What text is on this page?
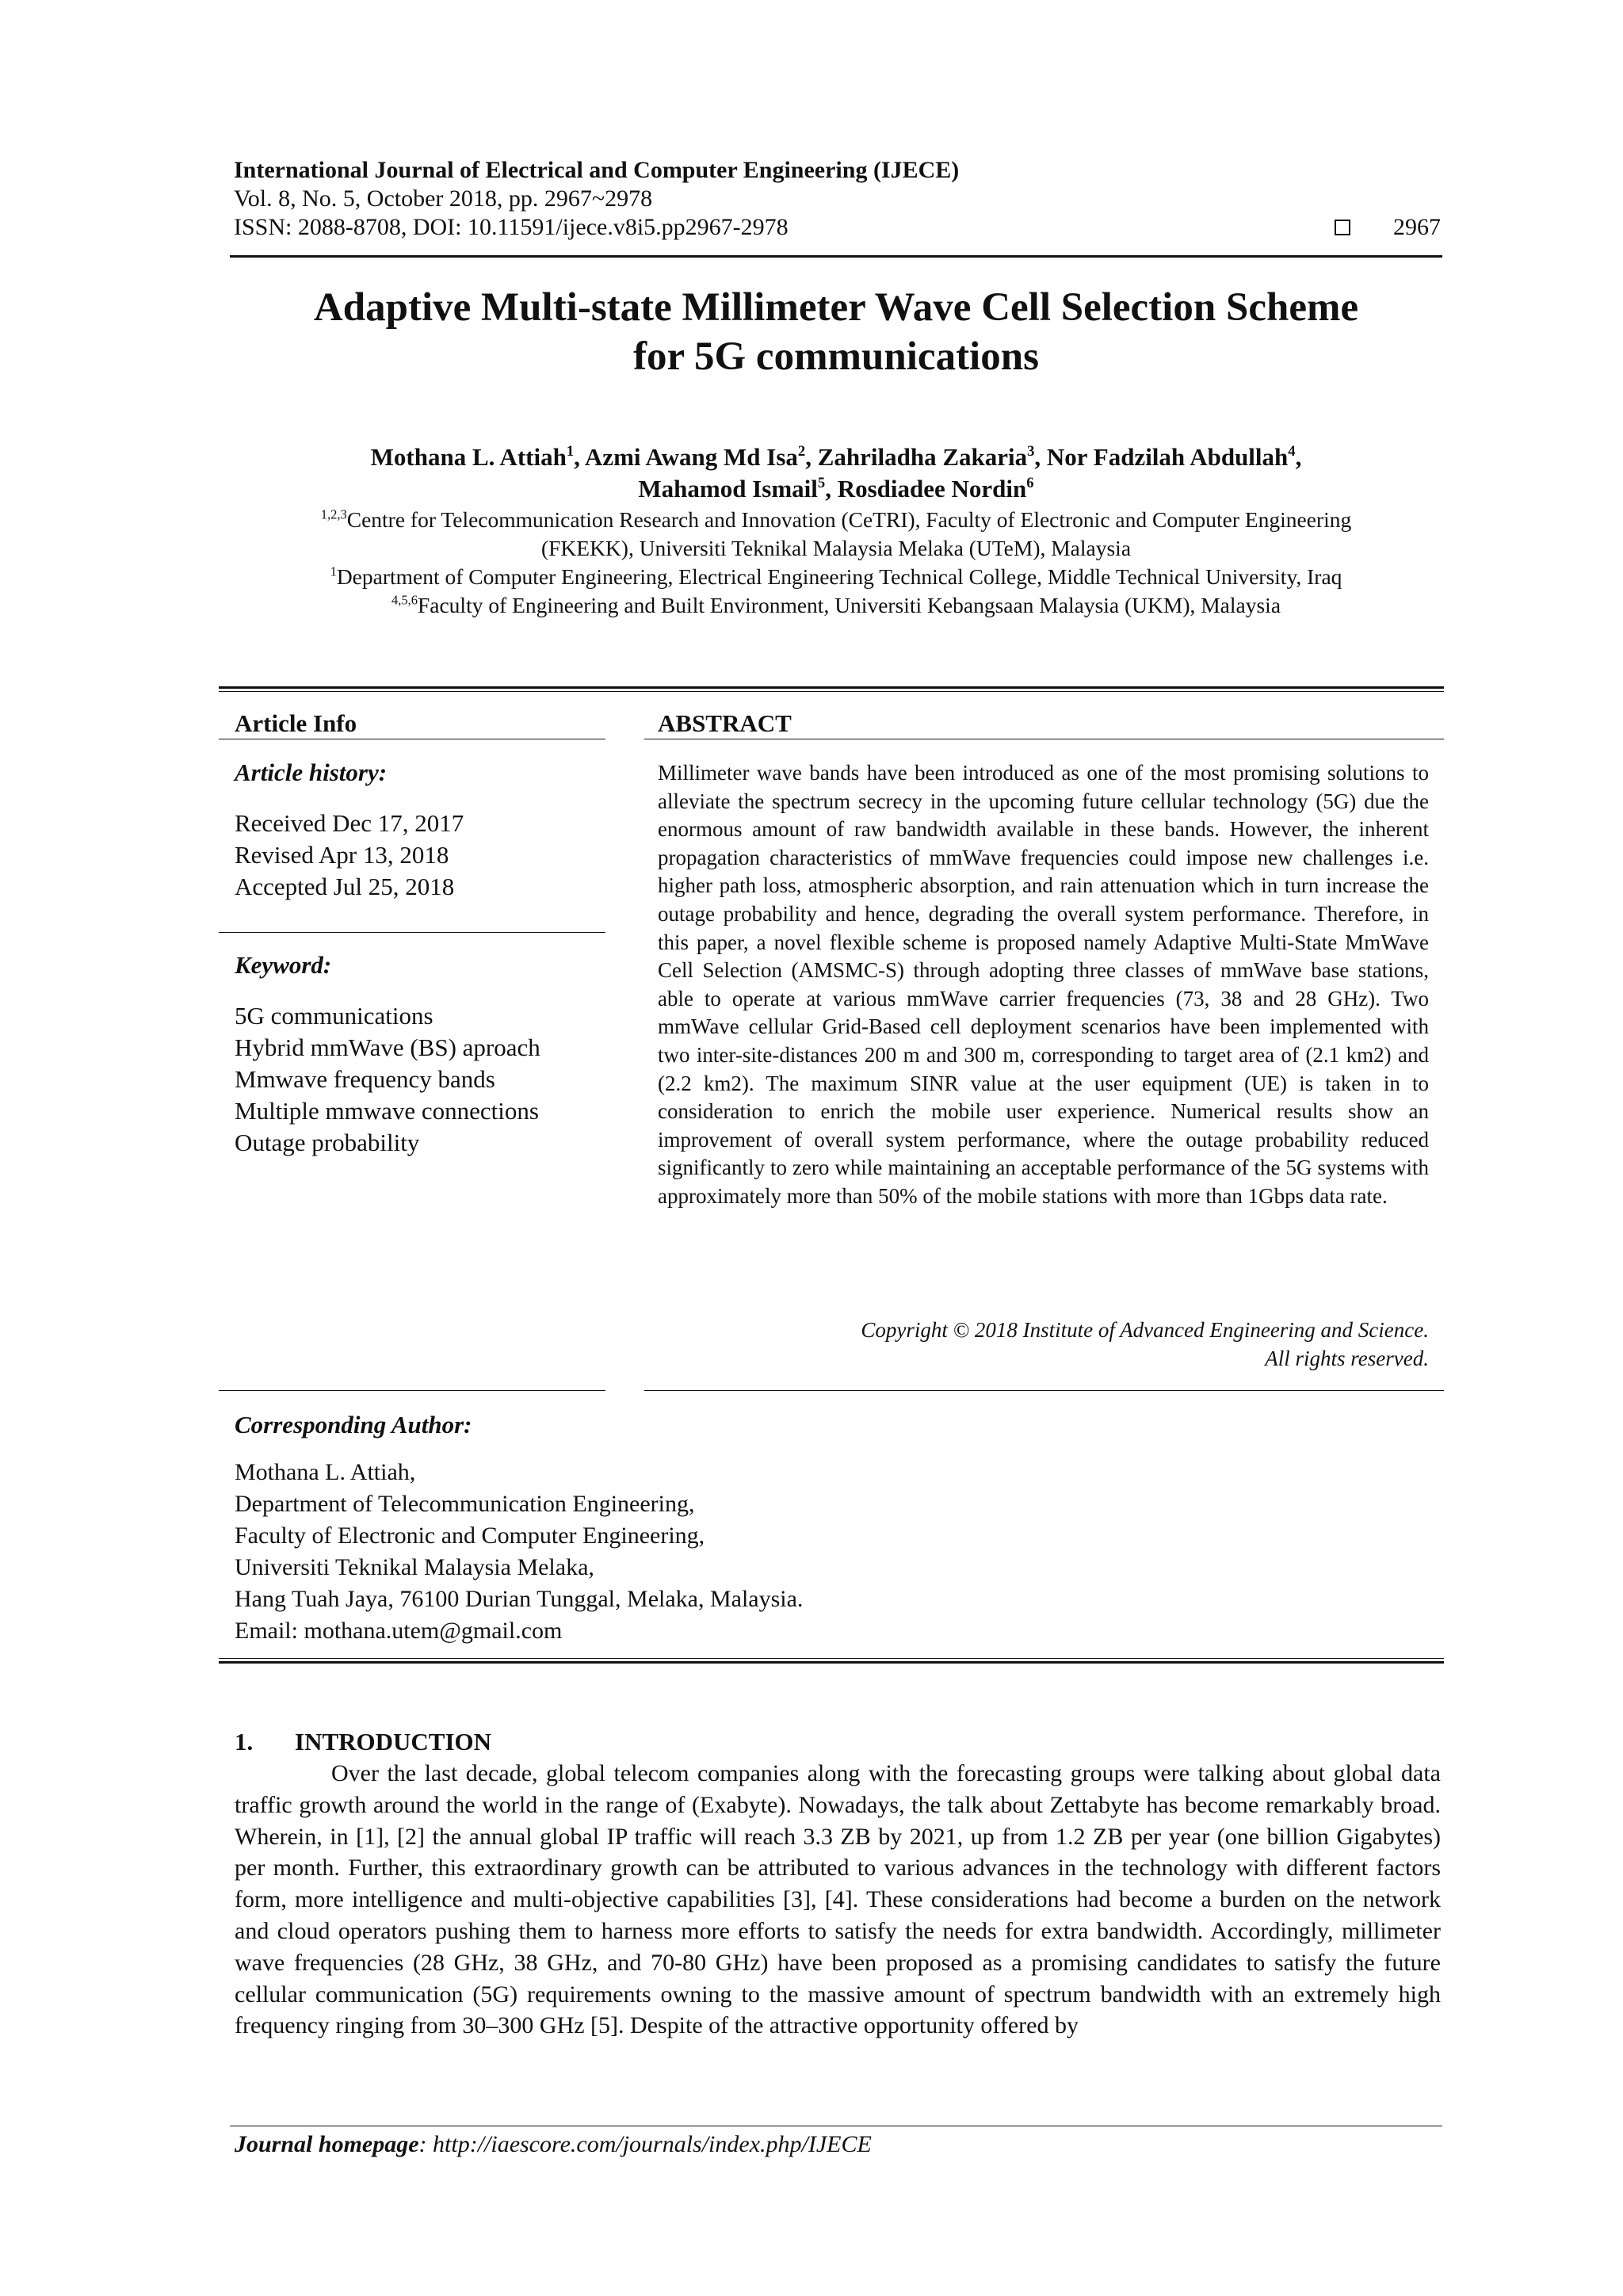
International Journal of Electrical and Computer Engineering (IJECE)
Vol. 8, No. 5, October 2018, pp. 2967~2978
ISSN: 2088-8708, DOI: 10.11591/ijece.v8i5.pp2967-2978	2967
Adaptive Multi-state Millimeter Wave Cell Selection Scheme
for 5G communications
Mothana L. Attiah$^1$, Azmi Awang Md Isa$^2$, Zahriladha Zakaria$^3$, Nor Fadzilah Abdullah$^4$,
Mahamod Ismail$^5$, Rosdiadee Nordin$^6$
$^{1,2,3}$Centre for Telecommunication Research and Innovation (CeTRI), Faculty of Electronic and Computer Engineering
(FKEKK), Universiti Teknikal Malaysia Melaka (UTeM), Malaysia
$^1$Department of Computer Engineering, Electrical Engineering Technical College, Middle Technical University, Iraq
$^{4,5,6}$Faculty of Engineering and Built Environment, Universiti Kebangsaan Malaysia (UKM), Malaysia
Article Info	ABSTRACT
Article history:
Received Dec 17, 2017
Revised Apr 13, 2018
Accepted Jul 25, 2018
Keyword:
5G communications
Hybrid mmWave (BS) aproach
Mmwave frequency bands
Multiple mmwave connections
Outage probability
Millimeter wave bands have been introduced as one of the most promising solutions to alleviate the spectrum secrecy in the upcoming future cellular technology (5G) due the enormous amount of raw bandwidth available in these bands. However, the inherent propagation characteristics of mmWave frequencies could impose new challenges i.e. higher path loss, atmospheric absorption, and rain attenuation which in turn increase the outage probability and hence, degrading the overall system performance. Therefore, in this paper, a novel flexible scheme is proposed namely Adaptive Multi-State MmWave Cell Selection (AMSMC-S) through adopting three classes of mmWave base stations, able to operate at various mmWave carrier frequencies (73, 38 and 28 GHz). Two mmWave cellular Grid-Based cell deployment scenarios have been implemented with two inter-site-distances 200 m and 300 m, corresponding to target area of (2.1 km2) and (2.2 km2). The maximum SINR value at the user equipment (UE) is taken in to consideration to enrich the mobile user experience. Numerical results show an improvement of overall system performance, where the outage probability reduced significantly to zero while maintaining an acceptable performance of the 5G systems with approximately more than 50% of the mobile stations with more than 1Gbps data rate.
Copyright © 2018 Institute of Advanced Engineering and Science.
All rights reserved.
Corresponding Author:
Mothana L. Attiah,
Department of Telecommunication Engineering,
Faculty of Electronic and Computer Engineering,
Universiti Teknikal Malaysia Melaka,
Hang Tuah Jaya, 76100 Durian Tunggal, Melaka, Malaysia.
Email: mothana.utem@gmail.com
1. INTRODUCTION

Over the last decade, global telecom companies along with the forecasting groups were talking about global data traffic growth around the world in the range of (Exabyte). Nowadays, the talk about Zettabyte has become remarkably broad. Wherein, in [1], [2] the annual global IP traffic will reach 3.3 ZB by 2021, up from 1.2 ZB per year (one billion Gigabytes) per month. Further, this extraordinary growth can be attributed to various advances in the technology with different factors form, more intelligence and multi-objective capabilities [3], [4]. These considerations had become a burden on the network and cloud operators pushing them to harness more efforts to satisfy the needs for extra bandwidth. Accordingly, millimeter wave frequencies (28 GHz, 38 GHz, and 70-80 GHz) have been proposed as a promising candidates to satisfy the future cellular communication (5G) requirements owning to the massive amount of spectrum bandwidth with an extremely high frequency ringing from 30–300 GHz [5]. Despite of the attractive opportunity offered by

Journal homepage: http://iaescore.com/journals/index.php/IJECE
